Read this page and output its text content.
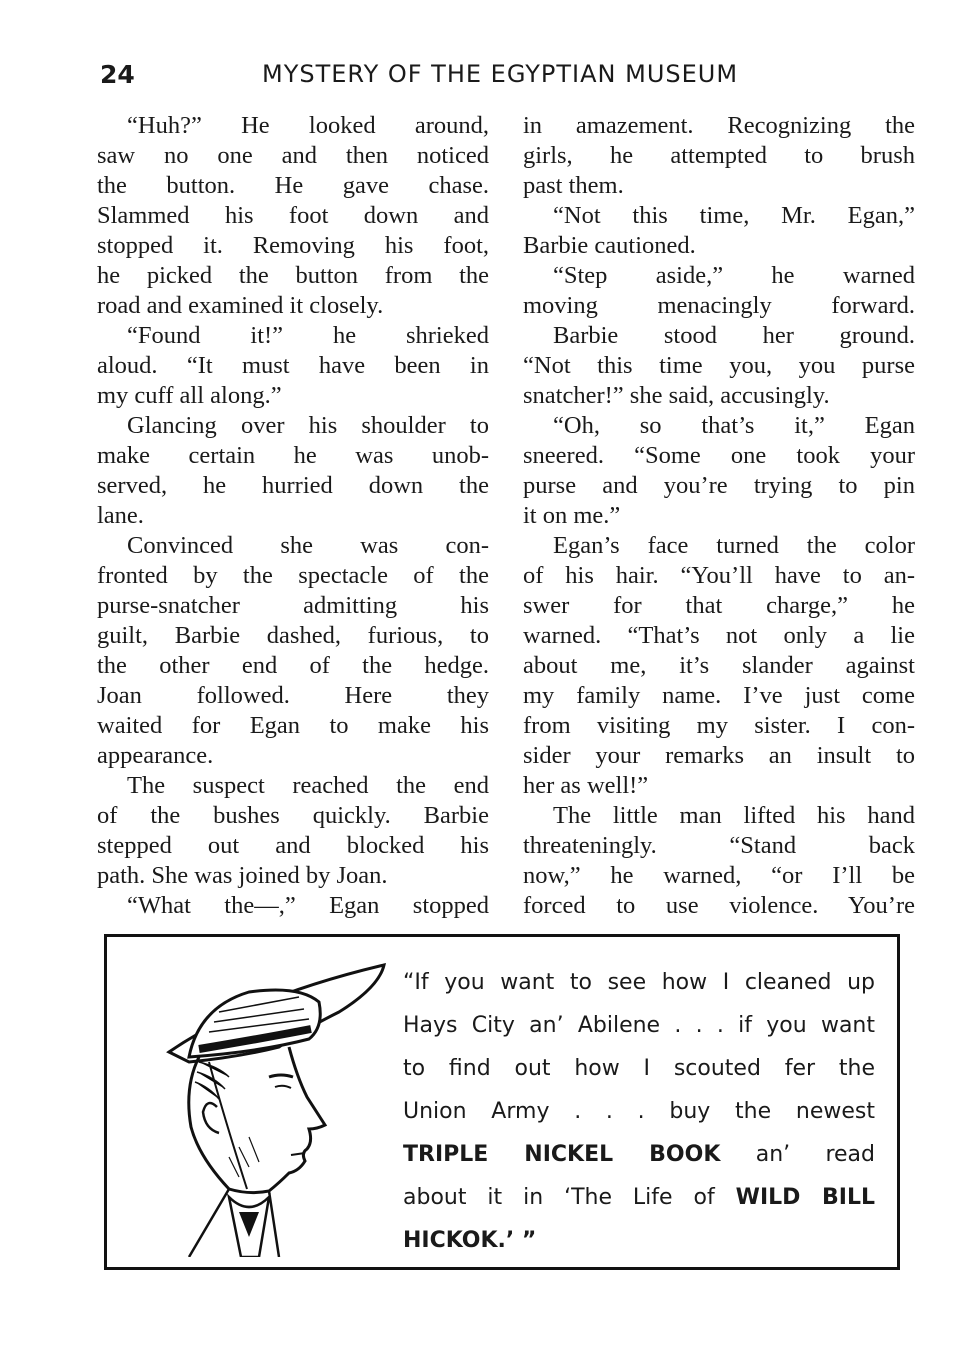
24	MYSTERY OF THE EGYPTIAN MUSEUM
“Huh?” He looked around,
saw no one and then noticed
the button. He gave chase.
Slammed his foot down and
stopped it. Removing his foot,
he picked the button from the
road and examined it closely.
“Found it!” he shrieked
aloud. “It must have been in
my cuff all along.”
Glancing over his shoulder to
make certain he was unob-
served, he hurried down the
lane.
Convinced she was con-
fronted by the spectacle of the
purse-snatcher admitting his
guilt, Barbie dashed, furious, to
the other end of the hedge.
Joan followed. Here they
waited for Egan to make his
appearance.
The suspect reached the end
of the bushes quickly. Barbie
stepped out and blocked his
path. She was joined by Joan.
“What the—,” Egan stopped
in amazement. Recognizing the
girls, he attempted to brush
past them.
“Not this time, Mr. Egan,”
Barbie cautioned.
“Step aside,” he warned
moving menacingly forward.
Barbie stood her ground.
“Not this time you, you purse
snatcher!” she said, accusingly.
“Oh, so that’s it,” Egan
sneered. “Some one took your
purse and you’re trying to pin
it on me.”
Egan’s face turned the color
of his hair. “You’ll have to an-
swer for that charge,” he
warned. “That’s not only a lie
about me, it’s slander against
my family name. I’ve just come
from visiting my sister. I con-
sider your remarks an insult to
her as well!”
The little man lifted his hand
threateningly. “Stand back
now,” he warned, “or I’ll be
forced to use violence. You’re
“If you want to see how I cleaned up
Hays City an’ Abilene . . . if you want
to find out how I scouted fer the
Union Army . . . buy the newest
TRIPLE NICKEL BOOK an’ read
about it in ‘The Life of WILD BILL
HICKOK.’ ”
